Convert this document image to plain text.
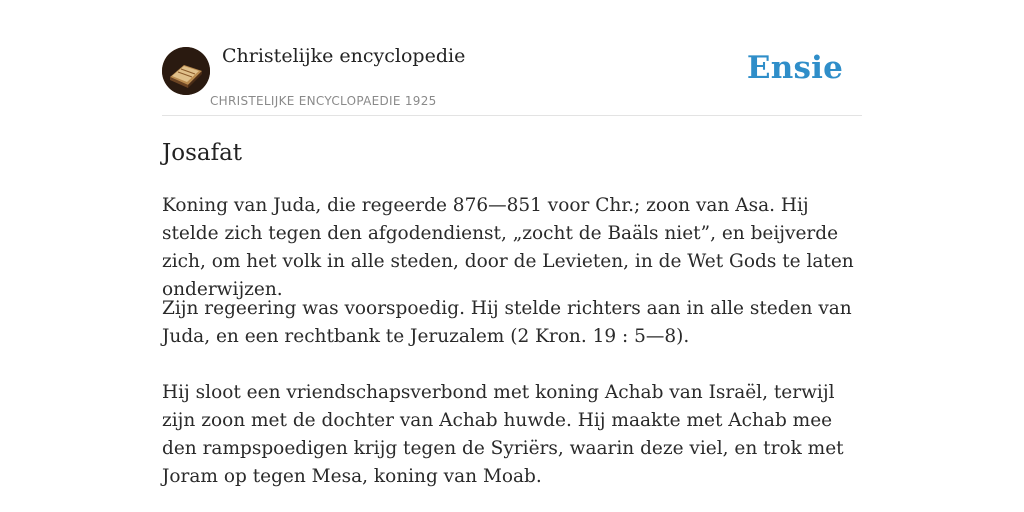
Christelijke encyclopedie
CHRISTELIJKE ENCYCLOPAEDIE 1925
Ensie
Josafat

Koning van Juda, die regeerde 876—851 voor Chr.; zoon van Asa. Hij stelde zich tegen den afgodendienst, „zocht de Baäls niet”, en beijverde zich, om het volk in alle steden, door de Levieten, in de Wet Gods te laten onderwijzen.

Zijn regeering was voorspoedig. Hij stelde richters aan in alle steden van Juda, en een rechtbank te Jeruzalem (2 Kron. 19 : 5—8).

Hij sloot een vriendschapsverbond met koning Achab van Israël, terwijl zijn zoon met de dochter van Achab huwde. Hij maakte met Achab mee den rampspoedigen krijg tegen de Syriërs, waarin deze viel, en trok met Joram op tegen Mesa, koning van Moab.
